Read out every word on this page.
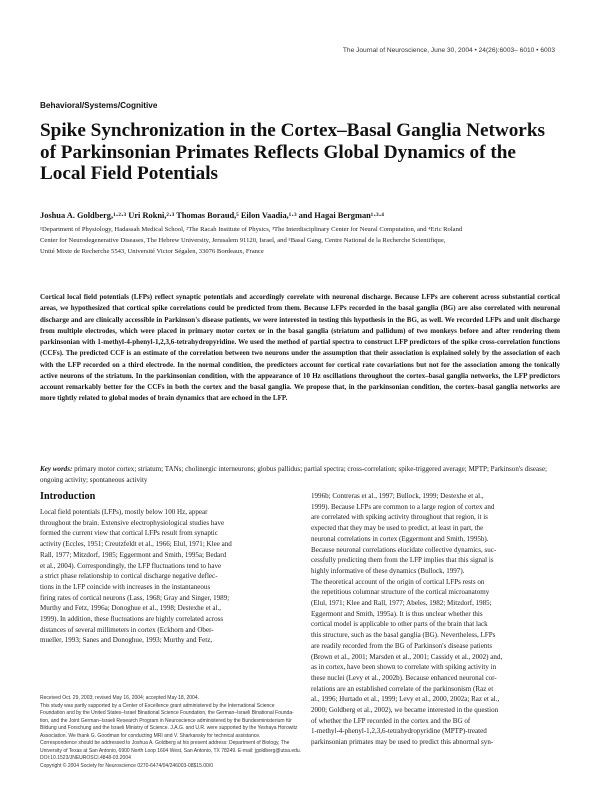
The Journal of Neuroscience, June 30, 2004 • 24(26):6003– 6010 • 6003
Behavioral/Systems/Cognitive
Spike Synchronization in the Cortex–Basal Ganglia Networks
of Parkinsonian Primates Reflects Global Dynamics of the
Local Field Potentials
Joshua A. Goldberg,¹·²·³ Uri Rokni,²·³ Thomas Boraud,⁵ Eilon Vaadia,¹·³ and Hagai Bergman¹·³·⁴
¹Department of Physiology, Hadassah Medical School, ²The Racah Institute of Physics, ³The Interdisciplinary Center for Neural Computation, and ⁴Eric Roland
Center for Neurodegenerative Diseases, The Hebrew University, Jerusalem 91120, Israel, and ⁵Basal Gang, Centre National de la Recherche Scientifique,
Unité Mixte de Recherche 5543, Université Victor Ségalen, 33076 Bordeaux, France
Cortical local field potentials (LFPs) reflect synaptic potentials and accordingly correlate with neuronal discharge. Because LFPs are coherent across substantial cortical areas, we hypothesized that cortical spike correlations could be predicted from them. Because LFPs recorded in the basal ganglia (BG) are also correlated with neuronal discharge and are clinically accessible in Parkinson's disease patients, we were interested in testing this hypothesis in the BG, as well. We recorded LFPs and unit discharge from multiple electrodes, which were placed in primary motor cortex or in the basal ganglia (striatum and pallidum) of two monkeys before and after rendering them parkinsonian with 1-methyl-4-phenyl-1,2,3,6-tetrahydropyridine. We used the method of partial spectra to construct LFP predictors of the spike cross-correlation functions (CCFs). The predicted CCF is an estimate of the correlation between two neurons under the assumption that their association is explained solely by the association of each with the LFP recorded on a third electrode. In the normal condition, the predictors account for cortical rate covariations but not for the association among the tonically active neurons of the striatum. In the parkinsonian condition, with the appearance of 10 Hz oscillations throughout the cortex–basal ganglia networks, the LFP predictors account remarkably better for the CCFs in both the cortex and the basal ganglia. We propose that, in the parkinsonian condition, the cortex–basal ganglia networks are more tightly related to global modes of brain dynamics that are echoed in the LFP.
Key words: primary motor cortex; striatum; TANs; cholinergic interneurons; globus pallidus; partial spectra; cross-correlation; spike-triggered average; MPTP; Parkinson's disease; ongoing activity; spontaneous activity
Introduction
Local field potentials (LFPs), mostly below 100 Hz, appear
throughout the brain. Extensive electrophysiological studies have
formed the current view that cortical LFPs result from synaptic
activity (Eccles, 1951; Creutzfeldt et al., 1966; Elul, 1971; Klee and
Rall, 1977; Mitzdorf, 1985; Eggermont and Smith, 1995a; Bedard
et al., 2004). Correspondingly, the LFP fluctuations tend to have
a strict phase relationship to cortical discharge negative deflec-
tions in the LFP coincide with increases in the instantaneous
firing rates of cortical neurons (Lass, 1968; Gray and Singer, 1989;
Murthy and Fetz, 1996a; Donoghue et al., 1998; Destexhe et al.,
1999). In addition, these fluctuations are highly correlated across
distances of several millimeters in cortex (Eckhorn and Ober-
mueller, 1993; Sanes and Donoghue, 1993; Murthy and Fetz,
Received Oct. 29, 2003; revised May 16, 2004; accepted May 18, 2004.
This study was partly supported by a Center of Excellence grant administered by the International Science
Foundation and by the United States–Israel Binational Science Foundation, the German–Israeli Binational Founda-
tion, and the Joint German–Israeli Research Program in Neuroscience administered by the Bundesministerium für
Bildung und Forschung and the Israeli Ministry of Science. J.A.G. and U.R. were supported by the Yeshaya Horowitz
Association. We thank G. Goodman for conducting MRI and V. Sharkansky for technical assistance.
Correspondence should be addressed to Joshua A. Goldberg at his present address: Department of Biology, The
University of Texas at San Antonio, 6900 North Loop 1604 West, San Antonio, TX 78249. E-mail: jgoldberg@utsa.edu.
DOI:10.1523/JNEUROSCI.4848-03.2004
Copyright © 2004 Society for Neuroscience 0270-6474/04/246003-08$15.00/0
1996b; Contreras et al., 1997; Bullock, 1999; Destexhe et al.,
1999). Because LFPs are common to a large region of cortex and
are correlated with spiking activity throughout that region, it is
expected that they may be used to predict, at least in part, the
neuronal correlations in cortex (Eggermont and Smith, 1995b).
Because neuronal correlations elucidate collective dynamics, suc-
cessfully predicting them from the LFP implies that this signal is
highly informative of these dynamics (Bullock, 1997).
The theoretical account of the origin of cortical LFPs rests on
the repetitious columnar structure of the cortical microanatomy
(Elul, 1971; Klee and Rall, 1977; Abeles, 1982; Mitzdorf, 1985;
Eggermont and Smith, 1995a). It is thus unclear whether this
cortical model is applicable to other parts of the brain that lack
this structure, such as the basal ganglia (BG). Nevertheless, LFPs
are readily recorded from the BG of Parkinson's disease patients
(Brown et al., 2001; Marsden et al., 2001; Cassidy et al., 2002) and,
as in cortex, have been shown to correlate with spiking activity in
these nuclei (Levy et al., 2002b). Because enhanced neuronal cor-
relations are an established correlate of the parkinsonism (Raz et
al., 1996; Hurtado et al., 1999; Levy et al., 2000, 2002a; Raz et al.,
2000; Goldberg et al., 2002), we became interested in the question
of whether the LFP recorded in the cortex and the BG of
1-methyl-4-phenyl-1,2,3,6-tetrahydropyridine (MPTP)-treated
parkinsonian primates may be used to predict this abnormal syn-
